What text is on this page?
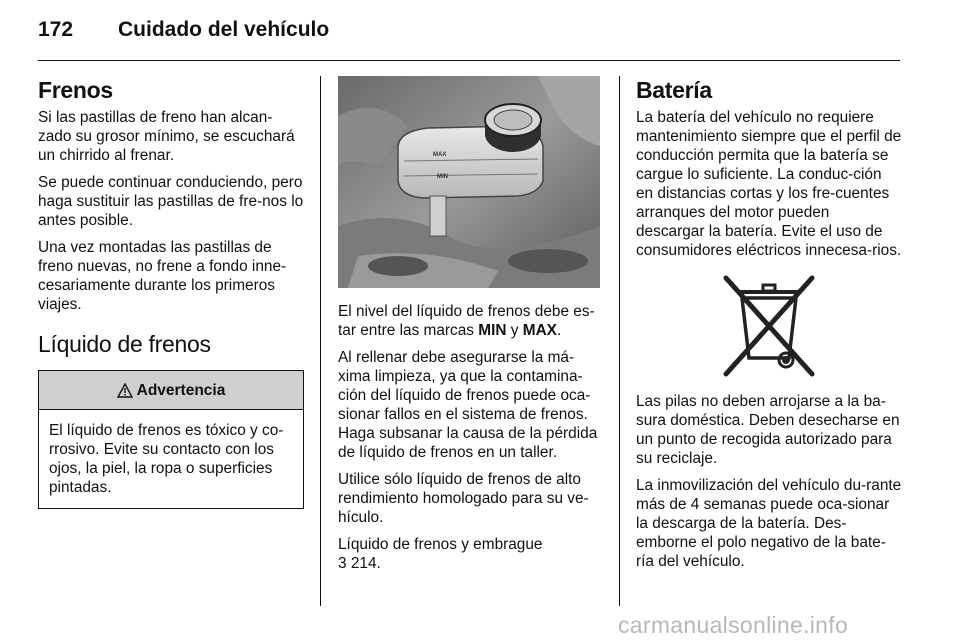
172 Cuidado del vehículo
Frenos

Si las pastillas de freno han alcan-zado su grosor mínimo, se escuchará un chirrido al frenar.

Se puede continuar conduciendo, pero haga sustituir las pastillas de fre-nos lo antes posible.

Una vez montadas las pastillas de freno nuevas, no frene a fondo inne-cesariamente durante los primeros viajes.

Líquido de frenos
Advertencia
El líquido de frenos es tóxico y co-rrosivo. Evite su contacto con los ojos, la piel, la ropa o superficies pintadas.
MAX
MIN

El nivel del líquido de frenos debe es-tar entre las marcas MIN y MAX.

Al rellenar debe asegurarse la má-xima limpieza, ya que la contamina-ción del líquido de frenos puede oca-sionar fallos en el sistema de frenos. Haga subsanar la causa de la pérdida de líquido de frenos en un taller.

Utilice sólo líquido de frenos de alto rendimiento homologado para su ve-hículo.

Líquido de frenos y embrague
3 214.

Batería

La batería del vehículo no requiere mantenimiento siempre que el perfil de conducción permita que la batería se cargue lo suficiente. La conduc-ción en distancias cortas y los fre-cuentes arranques del motor pueden descargar la batería. Evite el uso de consumidores eléctricos innecesa-rios.

Las pilas no deben arrojarse a la ba-sura doméstica. Deben desecharse en un punto de recogida autorizado para su reciclaje.

La inmovilización del vehículo du-rante más de 4 semanas puede oca-sionar la descarga de la batería. Des-emborne el polo negativo de la bate-ría del vehículo.

carmanualsonline.info
